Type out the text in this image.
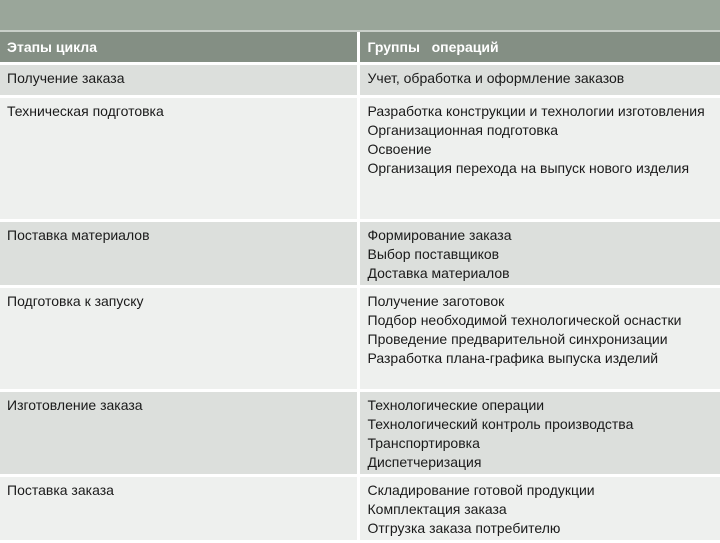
Этапы цикла	Группы   операций
Получение заказа	Учет, обработка и оформление заказов

Техническая подготовка	Разработка конструкции и технологии изготовления
Организационная подготовка
Освоение
Организация перехода на выпуск нового изделия

Поставка материалов	Формирование заказа
Выбор поставщиков
Доставка материалов

Подготовка к запуску	Получение заготовок
Подбор необходимой технологической оснастки
Проведение предварительной синхронизации
Разработка плана-графика выпуска изделий

Изготовление заказа	Технологические операции
Технологический контроль производства
Транспортировка
Диспетчеризация

Поставка заказа	Складирование готовой продукции
Комплектация заказа
Отгрузка заказа потребителю
